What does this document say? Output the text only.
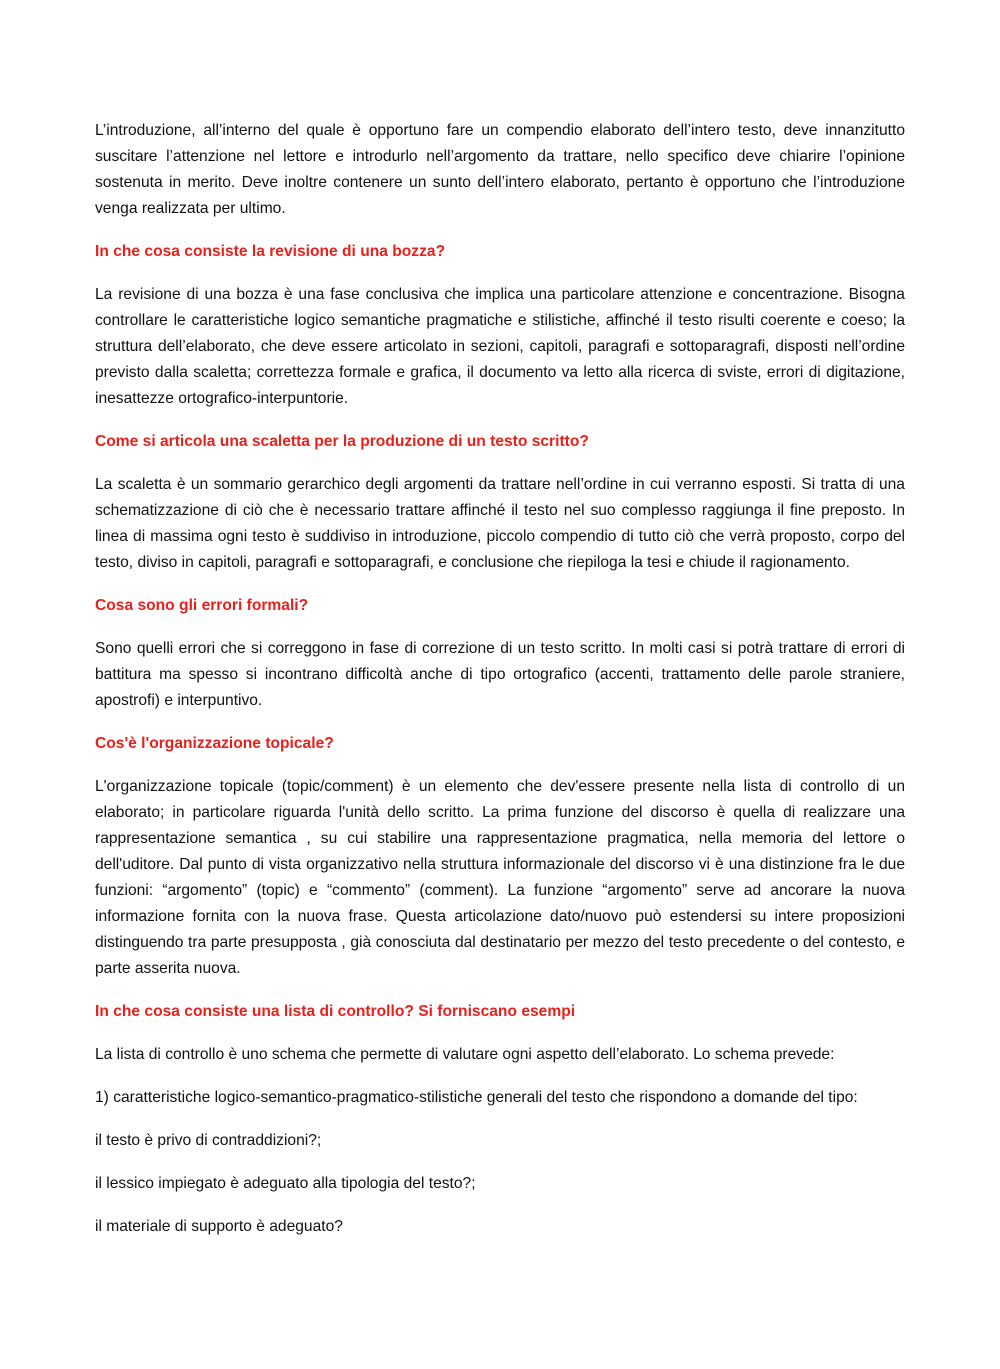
L’introduzione, all’interno del quale è opportuno fare un compendio elaborato dell’intero testo, deve innanzitutto suscitare l’attenzione nel lettore e introdurlo nell’argomento da trattare, nello specifico deve chiarire l’opinione sostenuta in merito. Deve inoltre contenere un sunto dell’intero elaborato, pertanto è opportuno che l’introduzione venga realizzata per ultimo.

In che cosa consiste la revisione di una bozza?

La revisione di una bozza è una fase conclusiva che implica una particolare attenzione e concentrazione. Bisogna controllare le caratteristiche logico semantiche pragmatiche e stilistiche, affinché il testo risulti coerente e coeso; la struttura dell’elaborato, che deve essere articolato in sezioni, capitoli, paragrafi e sottoparagrafi, disposti nell’ordine previsto dalla scaletta; correttezza formale e grafica, il documento va letto alla ricerca di sviste, errori di digitazione, inesattezze ortografico-interpuntorie.

Come si articola una scaletta per la produzione di un testo scritto?

La scaletta è un sommario gerarchico degli argomenti da trattare nell’ordine in cui verranno esposti. Si tratta di una schematizzazione di ciò che è necessario trattare affinché il testo nel suo complesso raggiunga il fine preposto. In linea di massima ogni testo è suddiviso in introduzione, piccolo compendio di tutto ciò che verrà proposto, corpo del testo, diviso in capitoli, paragrafi e sottoparagrafi, e conclusione che riepiloga la tesi e chiude il ragionamento.

Cosa sono gli errori formali?

Sono quelli errori che si correggono in fase di correzione di un testo scritto. In molti casi si potrà trattare di errori di battitura ma spesso si incontrano difficoltà anche di tipo ortografico (accenti, trattamento delle parole straniere, apostrofi) e interpuntivo.

Cos'è l'organizzazione topicale?

L'organizzazione topicale (topic/comment) è un elemento che dev'essere presente nella lista di controllo di un elaborato; in particolare riguarda l'unità dello scritto. La prima funzione del discorso è quella di realizzare una rappresentazione semantica , su cui stabilire una rappresentazione pragmatica, nella memoria del lettore o dell'uditore. Dal punto di vista organizzativo nella struttura informazionale del discorso vi è una distinzione fra le due funzioni: “argomento” (topic) e “commento” (comment). La funzione “argomento” serve ad ancorare la nuova informazione fornita con la nuova frase. Questa articolazione dato/nuovo può estendersi su intere proposizioni distinguendo tra parte presupposta , già conosciuta dal destinatario per mezzo del testo precedente o del contesto, e parte asserita nuova.

In che cosa consiste una lista di controllo? Si forniscano esempi

La lista di controllo è uno schema che permette di valutare ogni aspetto dell’elaborato. Lo schema prevede:

1) caratteristiche logico-semantico-pragmatico-stilistiche generali del testo che rispondono a domande del tipo:

il testo è privo di contraddizioni?;

il lessico impiegato è adeguato alla tipologia del testo?;

il materiale di supporto è adeguato?
